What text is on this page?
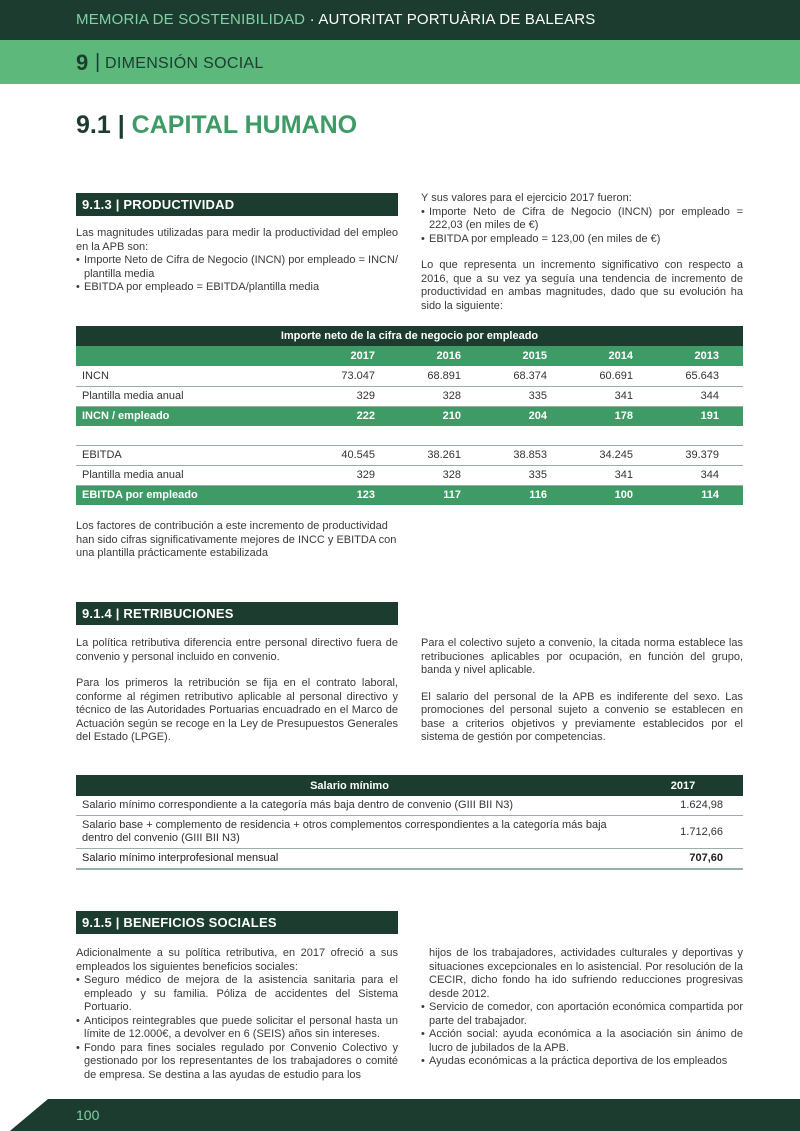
MEMORIA DE SOSTENIBILIDAD · AUTORITAT PORTUÀRIA DE BALEARS
9 | DIMENSIÓN SOCIAL
9.1 | CAPITAL HUMANO
9.1.3 | PRODUCTIVIDAD

Las magnitudes utilizadas para medir la productividad del empleo en la APB son:

• Importe Neto de Cifra de Negocio (INCN) por empleado = INCN/ plantilla media
• EBITDA por empleado = EBITDA/plantilla media

Y sus valores para el ejercicio 2017 fueron:

• Importe Neto de Cifra de Negocio (INCN) por empleado = 222,03 (en miles de €)
• EBITDA por empleado = 123,00 (en miles de €)

Lo que representa un incremento significativo con respecto a 2016, que a su vez ya seguía una tendencia de incremento de productividad en ambas magnitudes, dado que su evolución ha sido la siguiente:

Importe neto de la cifra de negocio por empleado					
	2017	2016	2015	2014	2013
INCN	73.047	68.891	68.374	60.691	65.643
Plantilla media anual	329	328	335	341	344
INCN / empleado	222	210	204	178	191

EBITDA	40.545	38.261	38.853	34.245	39.379
Plantilla media anual	329	328	335	341	344
EBITDA por empleado	123	117	116	100	114

Los factores de contribución a este incremento de productividad han sido cifras significativamente mejores de INCC y EBITDA con una plantilla prácticamente estabilizada

9.1.4 | RETRIBUCIONES

La política retributiva diferencia entre personal directivo fuera de convenio y personal incluido en convenio.

Para los primeros la retribución se fija en el contrato laboral, conforme al régimen retributivo aplicable al personal directivo y técnico de las Autoridades Portuarias encuadrado en el Marco de Actuación según se recoge en la Ley de Presupuestos Generales del Estado (LPGE).

Para el colectivo sujeto a convenio, la citada norma establece las retribuciones aplicables por ocupación, en función del grupo, banda y nivel aplicable.

El salario del personal de la APB es indiferente del sexo. Las promociones del personal sujeto a convenio se establecen en base a criterios objetivos y previamente establecidos por el sistema de gestión por competencias.

Salario mínimo	2017
Salario mínimo correspondiente a la categoría más baja dentro de convenio (GIII BII N3)	1.624,98
Salario base + complemento de residencia + otros complementos correspondientes a la categoría más baja dentro del convenio (GIII BII N3)	1.712,66
Salario mínimo interprofesional mensual	707,60
9.1.5 | BENEFICIOS SOCIALES

Adicionalmente a su política retributiva, en 2017 ofreció a sus empleados los siguientes beneficios sociales:

• Seguro médico de mejora de la asistencia sanitaria para el empleado y su familia. Póliza de accidentes del Sistema Portuario.
• Anticipos reintegrables que puede solicitar el personal hasta un límite de 12.000€, a devolver en 6 (SEIS) años sin intereses.
• Fondo para fines sociales regulado por Convenio Colectivo y gestionado por los representantes de los trabajadores o comité de empresa. Se destina a las ayudas de estudio para los

hijos de los trabajadores, actividades culturales y deportivas y situaciones excepcionales en lo asistencial. Por resolución de la CECIR, dicho fondo ha ido sufriendo reducciones progresivas desde 2012.

• Servicio de comedor, con aportación económica compartida por parte del trabajador.
• Acción social: ayuda económica a la asociación sin ánimo de lucro de jubilados de la APB.
• Ayudas económicas a la práctica deportiva de los empleados
100
